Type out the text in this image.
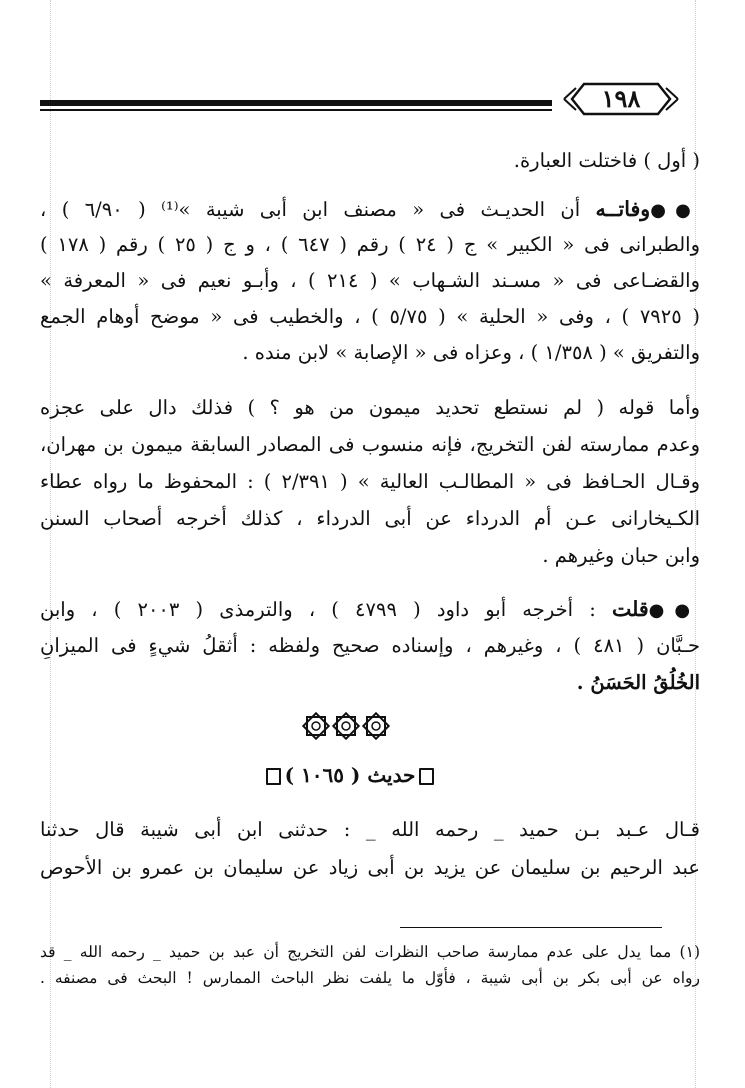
١٩٨
( أول ) فاختلت العبارة.
●●وفاتــه أن الحديـث فى « مصنف ابن أبى شيبة »⁽¹⁾ ( ٦/٩٠ ) ،
والطبرانى فى « الكبير » ج ( ٢٤ ) رقم ( ٦٤٧ ) ، و ج ( ٢٥ ) رقم ( ١٧٨ )
والقضـاعى فى « مسـند الشـهاب » ( ٢١٤ ) ، وأبـو نعيم فى « المعرفة »
( ٧٩٢٥ ) ، وفى « الحلية » ( ٥/٧٥ ) ، والخطيب فى « موضح أوهام الجمع
والتفريق » ( ١/٣٥٨ ) ، وعزاه فى « الإصابة » لابن منده .
وأما قوله ( لم نستطع تحديد ميمون من هو ؟ ) فذلك دال على عجزه
وعدم ممارسته لفن التخريج، فإنه منسوب فى المصادر السابقة ميمون بن مهران،
وقـال الحـافظ فى « المطالـب العالية » ( ٢/٣٩١ ) : المحفوظ ما رواه عطاء
الكـيخارانى عـن أم الدرداء عن أبى الدرداء ، كذلك أخرجه أصحاب السنن
وابن حبان وغيرهم .
●●قلت : أخرجه أبو داود ( ٤٧٩٩ ) ، والترمذى ( ٢٠٠٣ ) ، وابن
حـبَّان ( ٤٨١ ) ، وغيرهم ، وإسناده صحيح ولفظه : أثقلُ شيءٍ فى الميزانِ
الخُلُقُ الحَسَنُ .
حديث ( ١٠٦٥ )
قـال عـبد بـن حميد _ رحمه الله _ : حدثنى ابن أبى شيبة قال حدثنا
عبد الرحيم بن سليمان عن يزيد بن أبى زياد عن سليمان بن عمرو بن الأحوص
(١) مما يدل على عدم ممارسة صاحب النظرات لفن التخريج أن عبد بن حميد _ رحمه الله _ قد
رواه عن أبى بكر بن أبى شيبة ، فأوّل ما يلفت نظر الباحث الممارس ! البحث فى مصنفه .
